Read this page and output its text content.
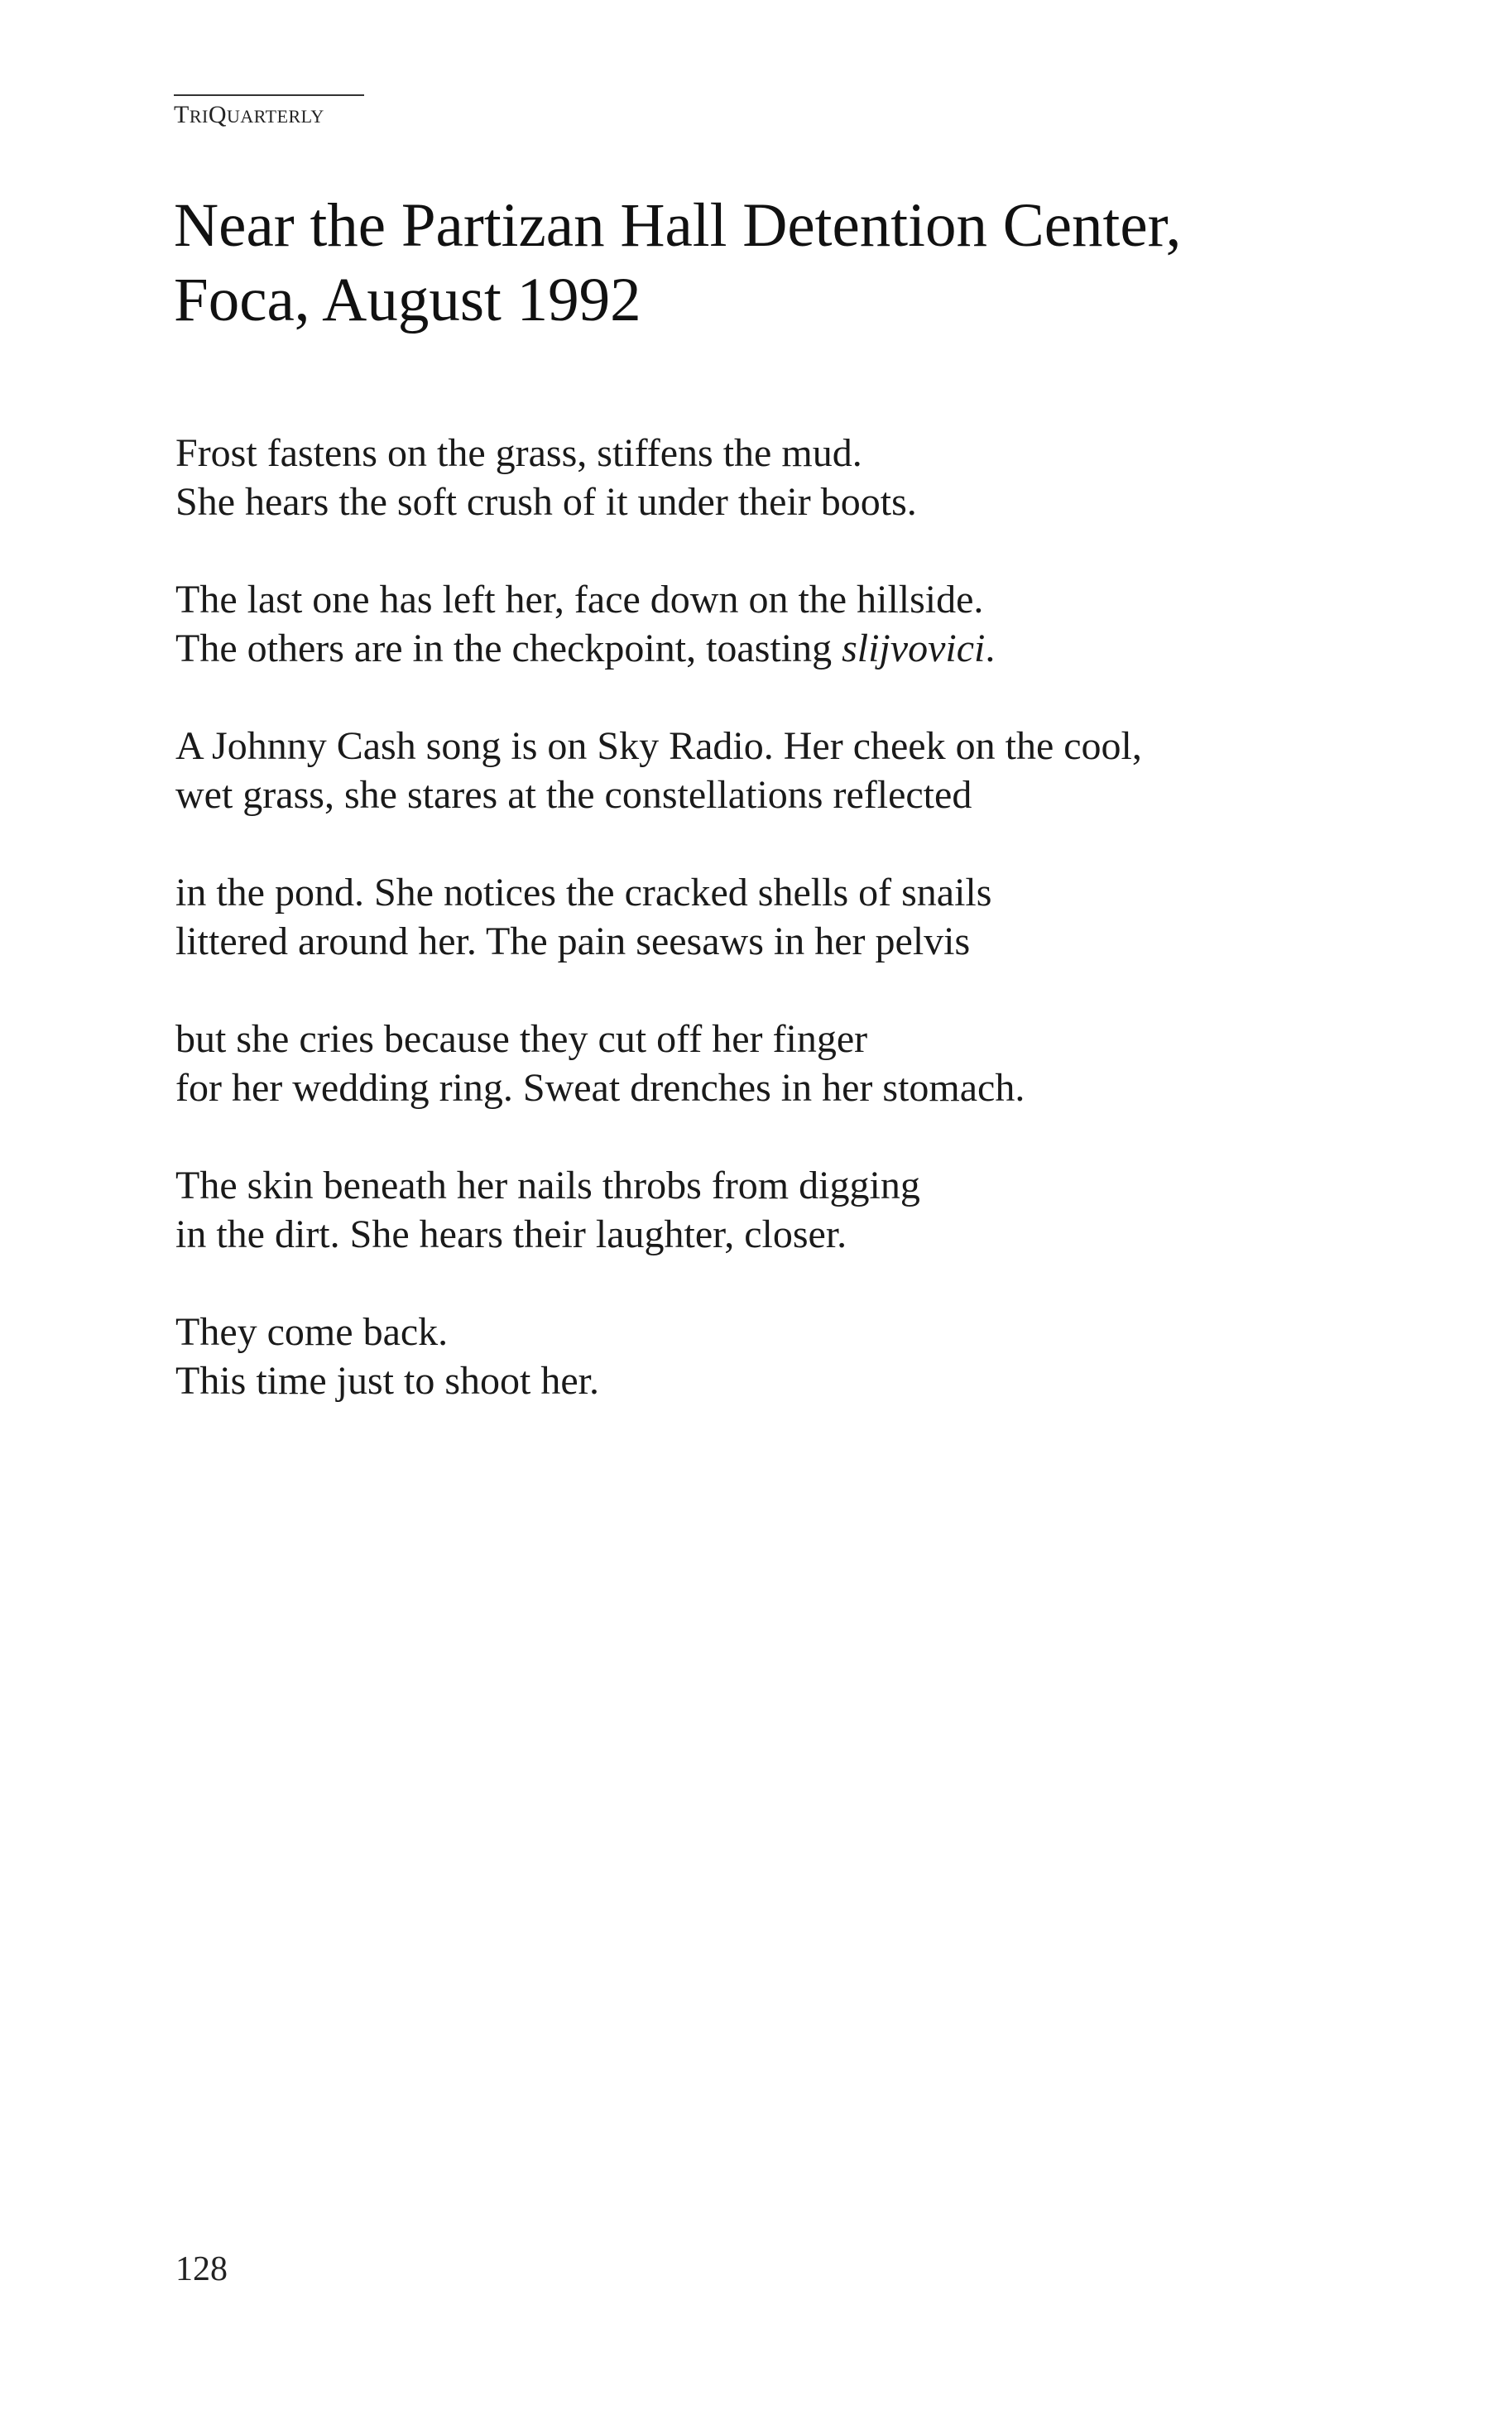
TRIQUARTERLY
Near the Partizan Hall Detention Center,
Foca, August 1992
Frost fastens on the grass, stiffens the mud.
She hears the soft crush of it under their boots.
The last one has left her, face down on the hillside.
The others are in the checkpoint, toasting slijvovici.
A Johnny Cash song is on Sky Radio. Her cheek on the cool,
wet grass, she stares at the constellations reflected
in the pond. She notices the cracked shells of snails
littered around her. The pain seesaws in her pelvis
but she cries because they cut off her finger
for her wedding ring. Sweat drenches in her stomach.
The skin beneath her nails throbs from digging
in the dirt. She hears their laughter, closer.
They come back.
This time just to shoot her.
128
